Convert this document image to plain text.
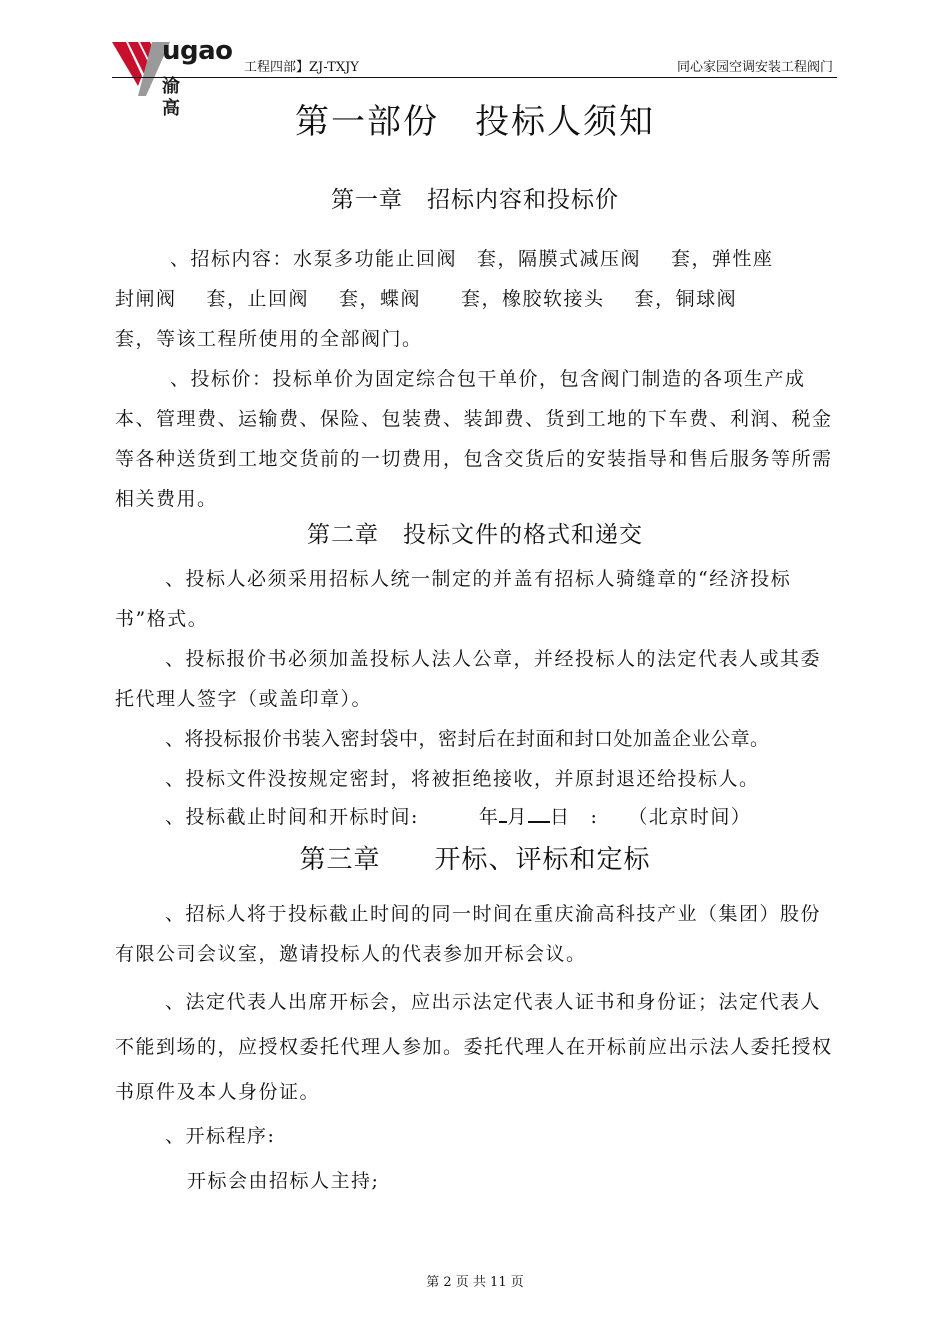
ugao
渝高
工程四部】ZJ-TXJY	同心家园空调安装工程阀门
第一部份　投标人须知
第一章　招标内容和投标价
、招标内容：水泵多功能止回阀 套，隔膜式减压阀 套，弹性座
封闸阀 套，止回阀 套，蝶阀 套，橡胶软接头 套，铜球阀
套，等该工程所使用的全部阀门。
、投标价：投标单价为固定综合包干单价，包含阀门制造的各项生产成本、管理费、运输费、保险、包装费、装卸费、货到工地的下车费、利润、税金等各种送货到工地交货前的一切费用，包含交货后的安装指导和售后服务等所需相关费用。
第二章　投标文件的格式和递交
、投标人必须采用招标人统一制定的并盖有招标人骑缝章的“经济投标书”格式。
、投标报价书必须加盖投标人法人公章，并经投标人的法定代表人或其委托代理人签字（或盖印章）。
、将投标报价书装入密封袋中，密封后在封面和封口处加盖企业公章。
、投标文件没按规定密封，将被拒绝接收，并原封退还给投标人。
、投标截止时间和开标时间:	年 月 日 : （北京时间）
第三章　　开标、评标和定标
、招标人将于投标截止时间的同一时间在重庆渝高科技产业（集团）股份有限公司会议室，邀请投标人的代表参加开标会议。
、法定代表人出席开标会，应出示法定代表人证书和身份证；法定代表人不能到场的，应授权委托代理人参加。委托代理人在开标前应出示法人委托授权书原件及本人身份证。
、开标程序:
开标会由招标人主持;
第 2 页 共 11 页
